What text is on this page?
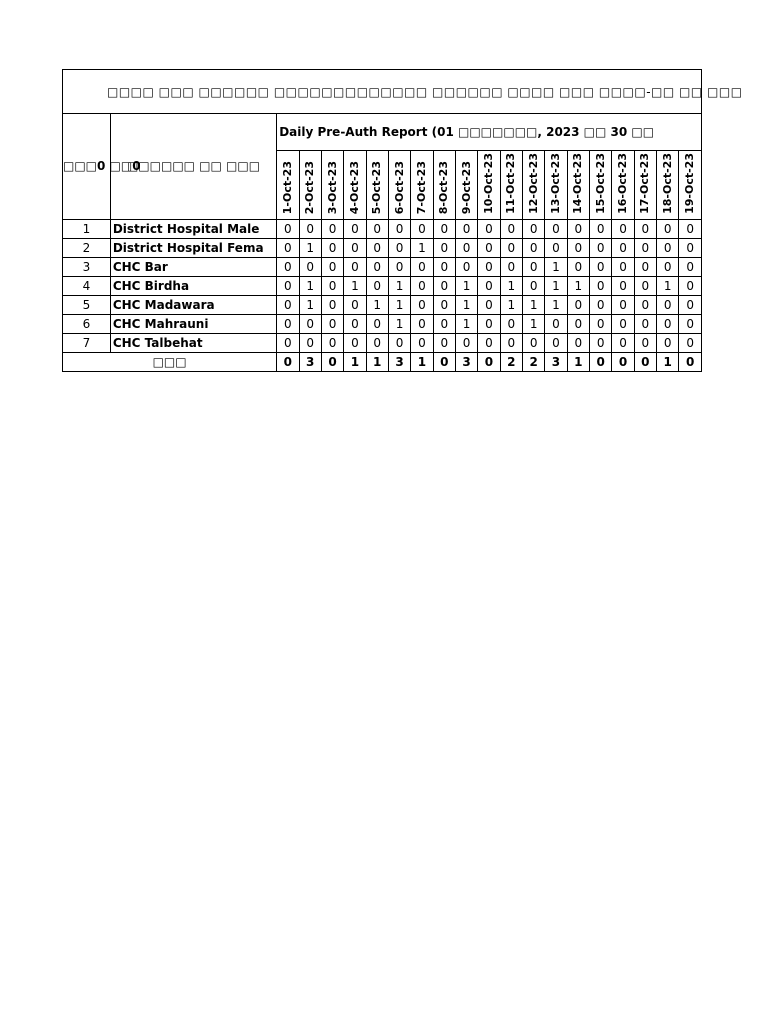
□□□□ □□□ □□□□□□ □□□□□□□□□□□□□ □□□□□□ □□□□ □□□ □□□□-□□ □□ □□□																				
□□□0 □□0	□□□□□□ □□ □□□	Daily Pre-Auth Report (01 □□□□□□□, 2023 □□ 30 □□																		
		1-Oct-23	2-Oct-23	3-Oct-23	4-Oct-23	5-Oct-23	6-Oct-23	7-Oct-23	8-Oct-23	9-Oct-23	10-Oct-23	11-Oct-23	12-Oct-23	13-Oct-23	14-Oct-23	15-Oct-23	16-Oct-23	17-Oct-23	18-Oct-23	19-Oct-23
1	District Hospital Male	0	0	0	0	0	0	0	0	0	0	0	0	0	0	0	0	0	0	0
2	District Hospital Fema	0	1	0	0	0	0	1	0	0	0	0	0	0	0	0	0	0	0	0
3	CHC Bar	0	0	0	0	0	0	0	0	0	0	0	0	1	0	0	0	0	0	0
4	CHC Birdha	0	1	0	1	0	1	0	0	1	0	1	0	1	1	0	0	0	1	0
5	CHC Madawara	0	1	0	0	1	1	0	0	1	0	1	1	1	0	0	0	0	0	0
6	CHC Mahrauni	0	0	0	0	0	1	0	0	1	0	0	1	0	0	0	0	0	0	0
7	CHC Talbehat	0	0	0	0	0	0	0	0	0	0	0	0	0	0	0	0	0	0	0
□□□		0	3	0	1	1	3	1	0	3	0	2	2	3	1	0	0	0	1	0
